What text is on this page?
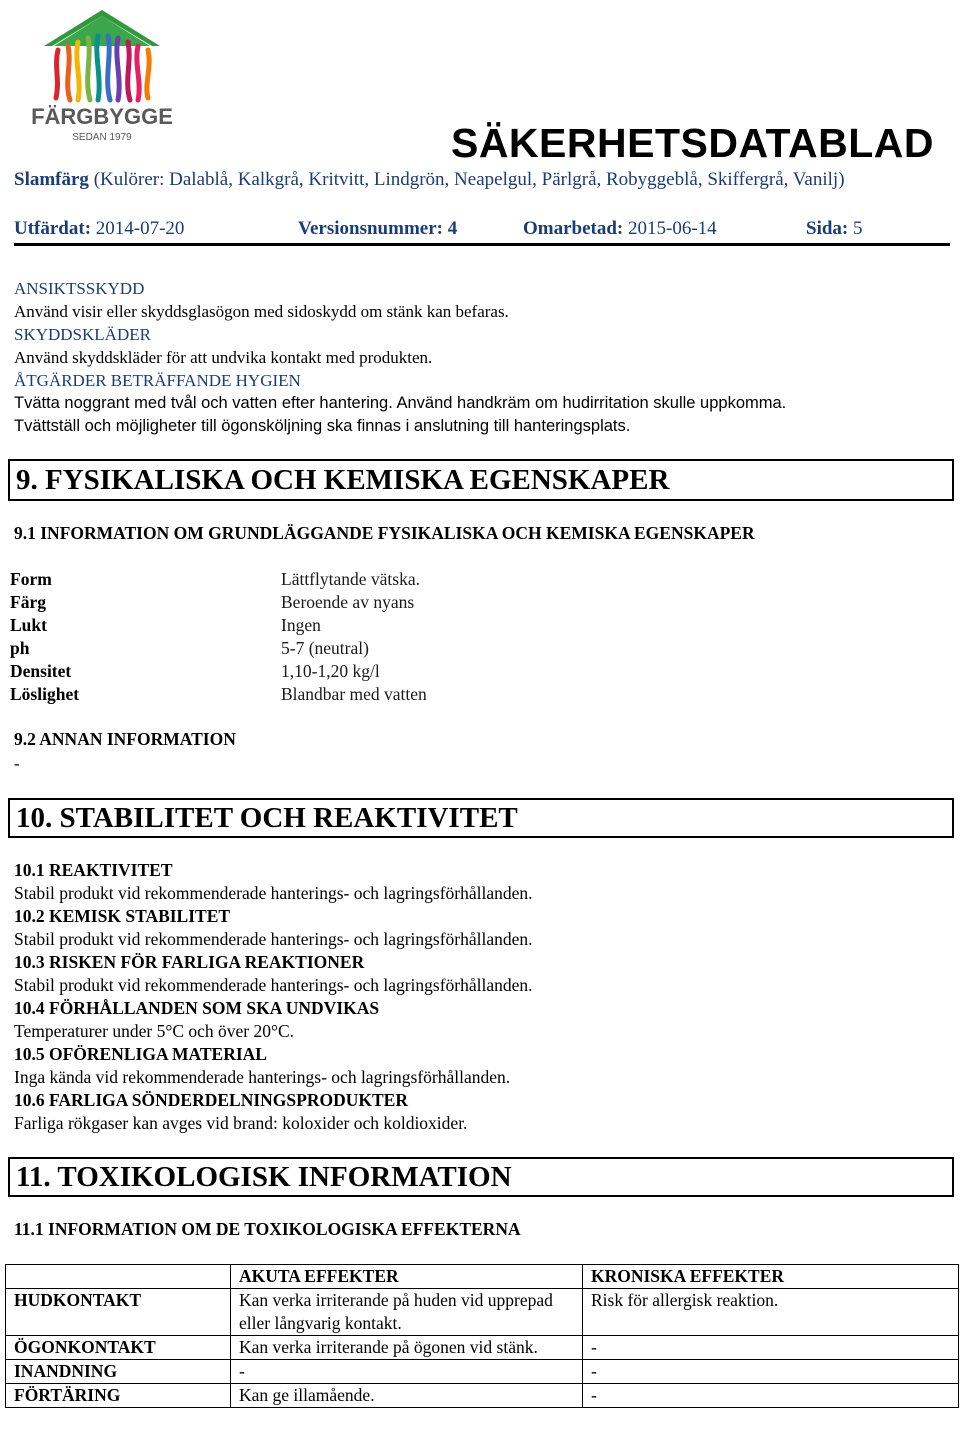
FÄRGBYGGE
SEDAN 1979	SÄKERHETSDATABLAD
Slamfärg (Kulörer: Dalablå, Kalkgrå, Kritvitt, Lindgrön, Neapelgul, Pärlgrå, Robyggeblå, Skiffergrå, Vanilj)
Utfärdat: 2014-07-20	Versionsnummer: 4	Omarbetad: 2015-06-14	Sida: 5
ANSIKTSSKYDD
Använd visir eller skyddsglasögon med sidoskydd om stänk kan befaras.
SKYDDSKLÄDER
Använd skyddskläder för att undvika kontakt med produkten.
ÅTGÄRDER BETRÄFFANDE HYGIEN
Tvätta noggrant med tvål och vatten efter hantering. Använd handkräm om hudirritation skulle uppkomma.
Tvättställ och möjligheter till ögonsköljning ska finnas i anslutning till hanteringsplats.
9. FYSIKALISKA OCH KEMISKA EGENSKAPER
9.1 INFORMATION OM GRUNDLÄGGANDE FYSIKALISKA OCH KEMISKA EGENSKAPER
Form	Lättflytande vätska.
Färg	Beroende av nyans
Lukt	Ingen
ph	5-7 (neutral)
Densitet	1,10-1,20 kg/l
Löslighet	Blandbar med vatten
9.2 ANNAN INFORMATION
-
10. STABILITET OCH REAKTIVITET
10.1 REAKTIVITET
Stabil produkt vid rekommenderade hanterings- och lagringsförhållanden.
10.2 KEMISK STABILITET
Stabil produkt vid rekommenderade hanterings- och lagringsförhållanden.
10.3 RISKEN FÖR FARLIGA REAKTIONER
Stabil produkt vid rekommenderade hanterings- och lagringsförhållanden.
10.4 FÖRHÅLLANDEN SOM SKA UNDVIKAS
Temperaturer under 5°C och över 20°C.
10.5 OFÖRENLIGA MATERIAL
Inga kända vid rekommenderade hanterings- och lagringsförhållanden.
10.6 FARLIGA SÖNDERDELNINGSPRODUKTER
Farliga rökgaser kan avges vid brand: koloxider och koldioxider.
11. TOXIKOLOGISK INFORMATION
11.1 INFORMATION OM DE TOXIKOLOGISKA EFFEKTERNA
	AKUTA EFFEKTER	KRONISKA EFFEKTER
HUDKONTAKT	Kan verka irriterande på huden vid upprepad eller långvarig kontakt.	Risk för allergisk reaktion.
ÖGONKONTAKT	Kan verka irriterande på ögonen vid stänk.	-
INANDNING	-	-
FÖRTÄRING	Kan ge illamående.	-
